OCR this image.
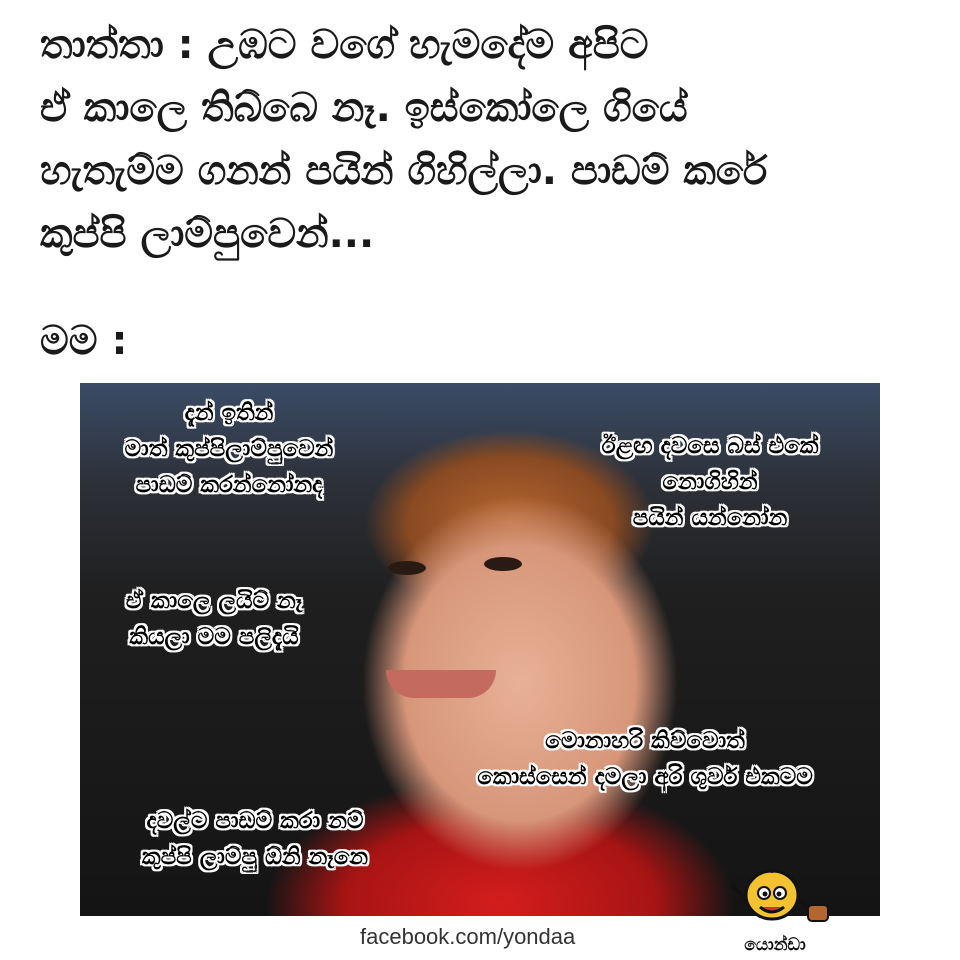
තාත්තා : උඹට වගේ හැමදේම අපිට
ඒ කාලෙ තිබ්බෙ නෑ. ඉස්කෝලෙ ගියේ
හැතැම්ම ගනන් පයින් ගිහිල්ලා. පාඩම් කරේ
කුප්පි ලාම්පුවෙන්...
මම :
දැන් ඉතින්
මාත් කුප්පිලාම්පුවෙන්
පාඩම් කරන්නෝනද
ඊළඟ දවසෙ බස් එකේ
නොගිහින්
පයින් යන්නෝන
ඒ කාලෙ ලයිට් නෑ
කියලා මම පලිදැයි
මොනාහරි කිව්වොත්
කොස්සෙන් දමලා අරි ශුවර් එකටම
දවල්ට පාඩම් කරා නම්
කුප්පි ලාම්පු ඕනි නෑනෙ
facebook.com/yondaa	යොන්ඩා
